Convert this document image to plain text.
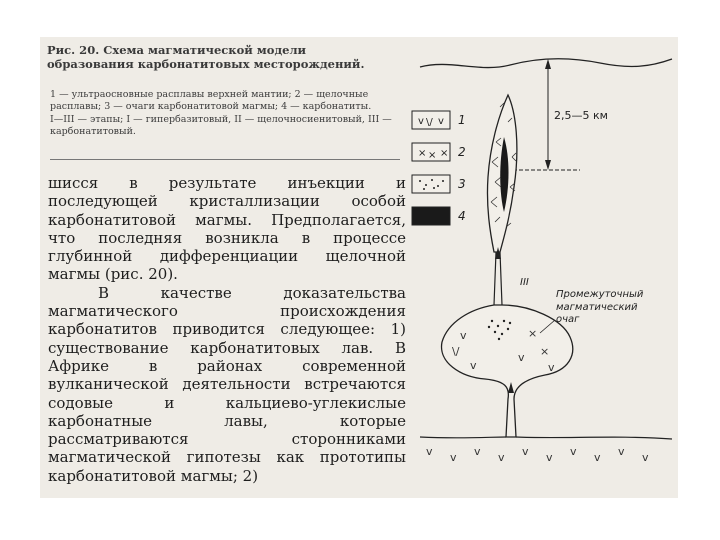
Рис. 20. Схема магматической модели образования карбонатитовых месторождений.
1 — ультраосновные расплавы верхней мантии; 2 — щелочные расплавы; 3 — очаги карбонатитовой магмы; 4 — карбонатиты.
I—III — этапы; I — гипербазитовый, II — щелочносиенитовый, III — карбонатитовый.

шисся в результате инъекции и последующей кристаллизации особой карбонатитовой магмы. Предполагается, что последняя возникла в процессе глубинной дифференциации щелочной магмы (рис. 20).

В качестве доказательства магматического происхождения карбонатитов приводится следующее: 1) существование карбонатитовых лав. В Африке в районах современной вулканической деятельности встречаются содовые и кальциево-углекислые карбонатные лавы, которые рассматриваются сторонниками магматической гипотезы как прототипы карбонатитовой магмы; 2)

\/
v
×
×
v
v
v
v v v v v v v v v v
v \/ v
× × ×
1
2
3
4
2,5—5 км
III
Промежуточный магматический очаг
